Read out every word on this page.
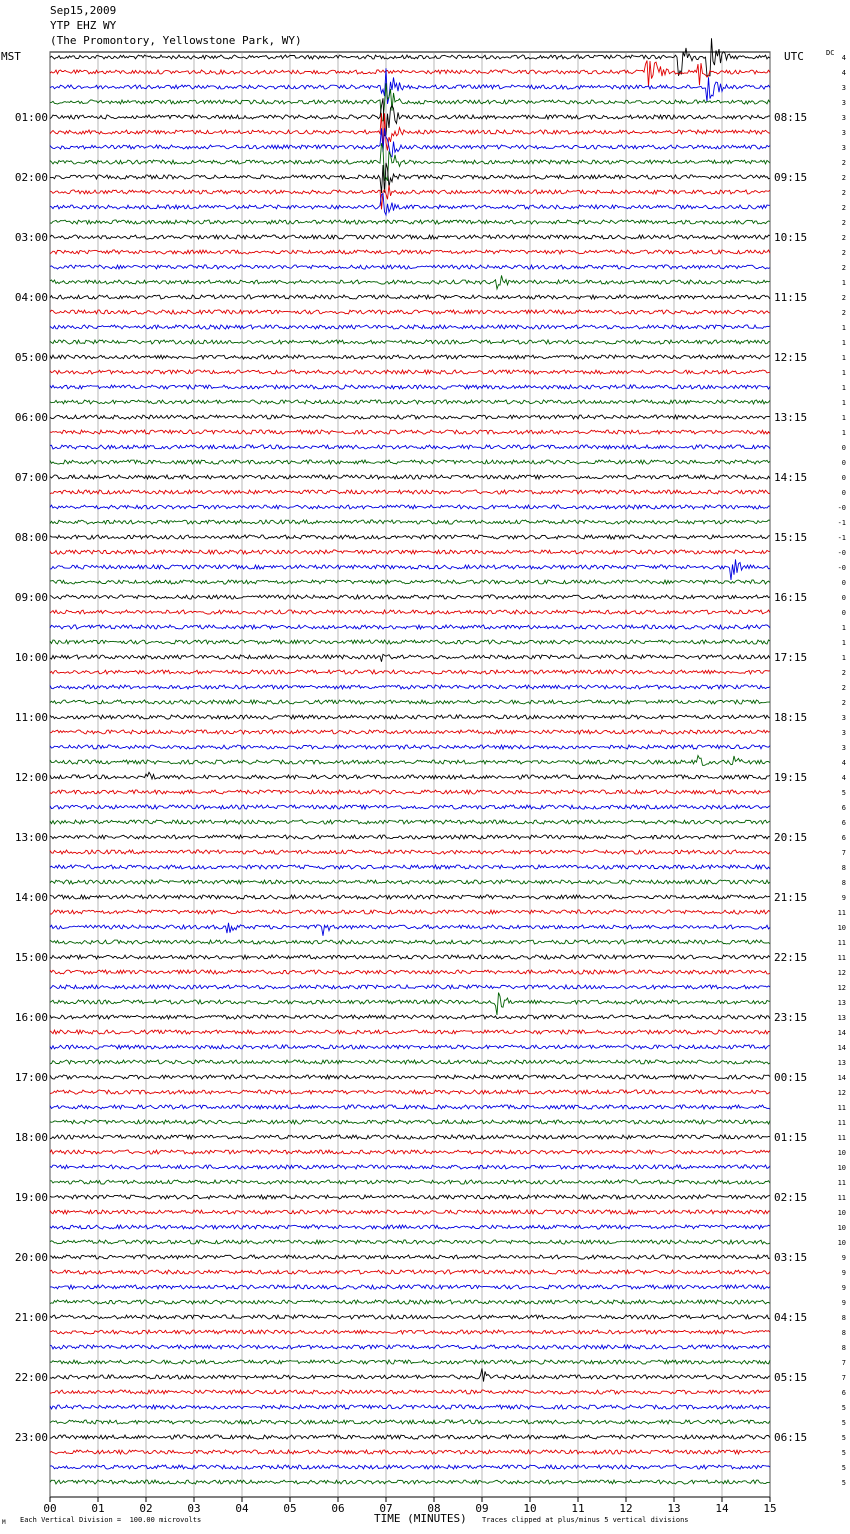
Sep15,2009
YTP EHZ WY
(The Promontory, Yellowstone Park, WY)
MST	UTC	DC
00	01	02	03	04	05	06	07	08	09	10	11	12	13	14	15
4
4
3
3
3
3
3
2
2
2
2
2
2
2
2
1
2
2
1
1
1
1
1
1
1
1
0
0
0
0
-0
-1
-1
-0
-0
0
0
0
1
1
1
2
2
2
3
3
3
4
4
5
6
6
6
7
8
8
9
11
10
11
11
12
12
13
13
14
14
13
14
12
11
11
11
10
10
11
11
10
10
10
9
9
9
9
8
8
8
7
7
6
5
5
5
5
5
5
01:00	08:15
02:00	09:15
03:00	10:15
04:00	11:15
05:00	12:15
06:00	13:15
07:00	14:15
08:00	15:15
09:00	16:15
10:00	17:15
11:00	18:15
12:00	19:15
13:00	20:15
14:00	21:15
15:00	22:15
16:00	23:15
17:00	00:15
18:00	01:15
19:00	02:15
20:00	03:15
21:00	04:15
22:00	05:15
23:00	06:15
M Each Vertical Division =  100.00 microvolts	TIME (MINUTES) Traces clipped at plus/minus 5 vertical divisions
